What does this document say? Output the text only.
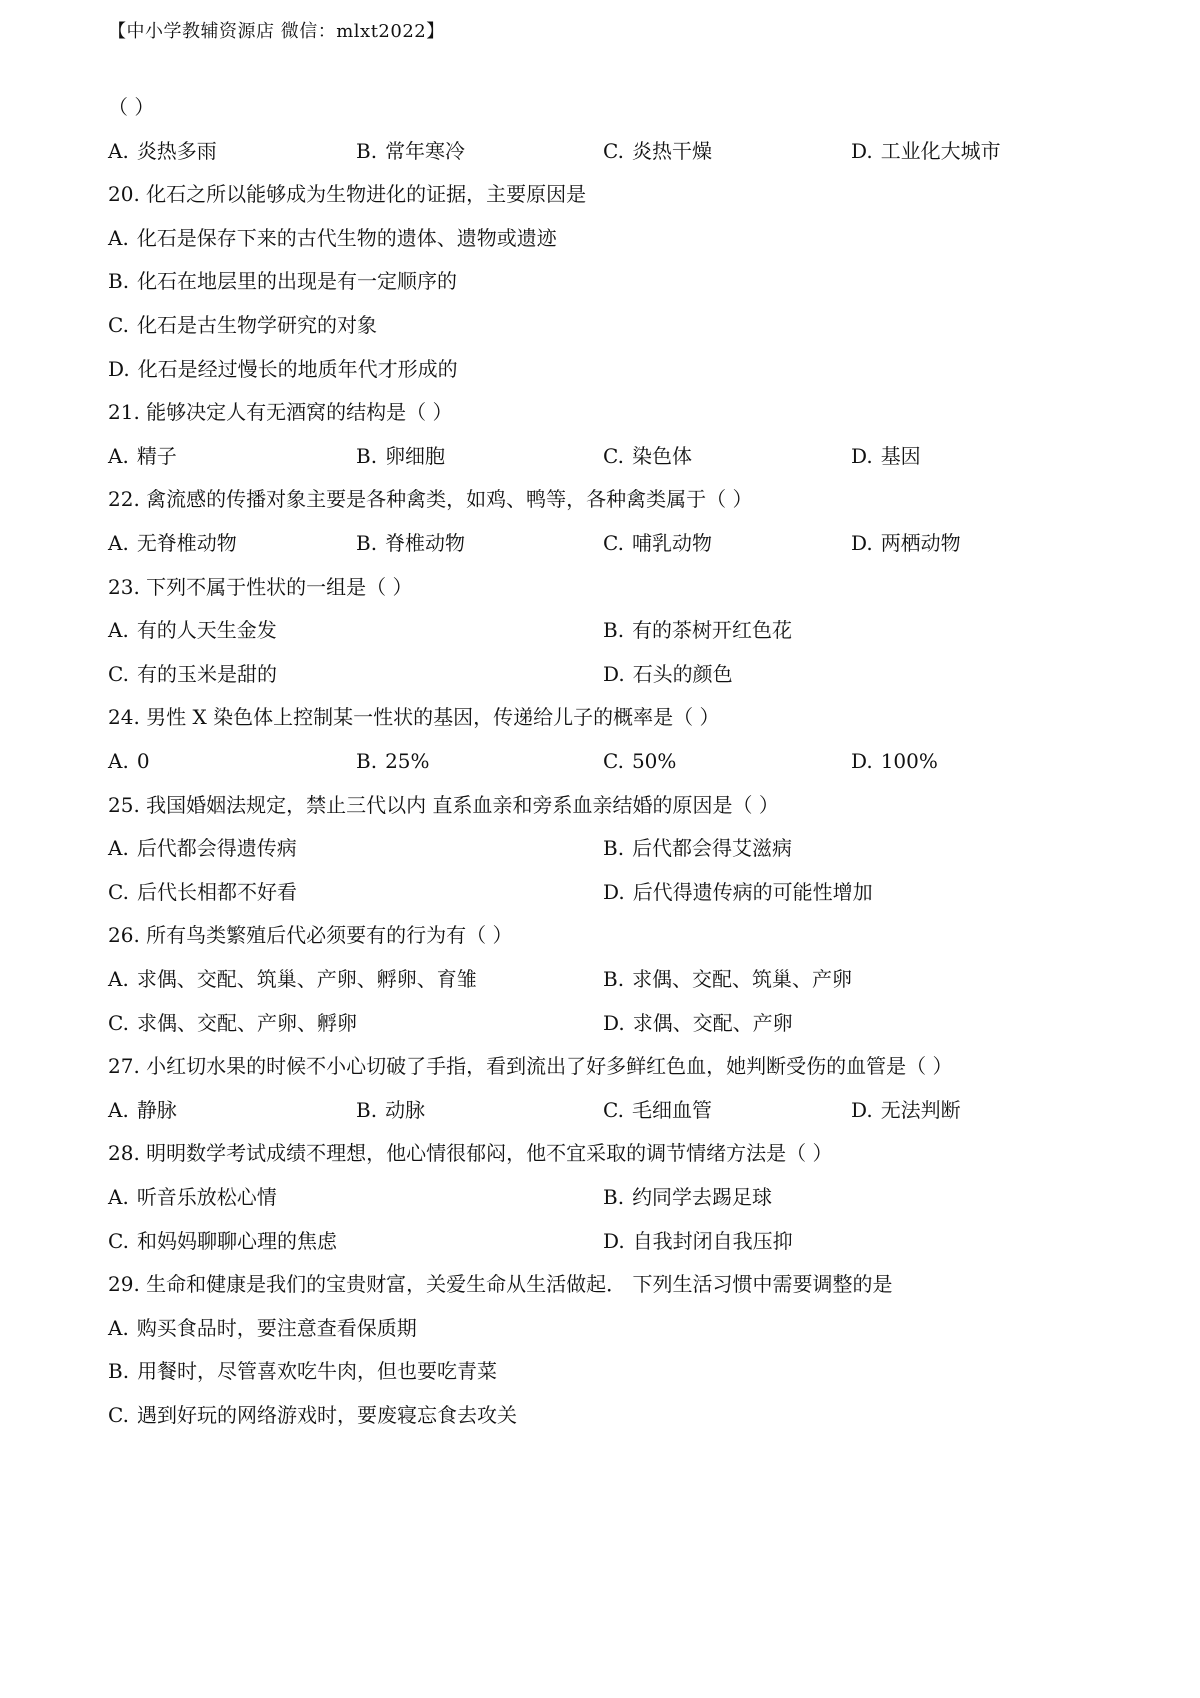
【中小学教辅资源店 微信：mlxt2022】
（ ）
A. 炎热多雨	B. 常年寒冷	C. 炎热干燥	D. 工业化大城市
20. 化石之所以能够成为生物进化的证据，主要原因是
A. 化石是保存下来的古代生物的遗体、遗物或遗迹
B. 化石在地层里的出现是有一定顺序的
C. 化石是古生物学研究的对象
D. 化石是经过慢长的地质年代才形成的
21. 能够决定人有无酒窝的结构是（ ）
A. 精子	B. 卵细胞	C. 染色体	D. 基因
22. 禽流感的传播对象主要是各种禽类，如鸡、鸭等，各种禽类属于（ ）
A. 无脊椎动物	B. 脊椎动物	C. 哺乳动物	D. 两栖动物
23. 下列不属于性状的一组是（ ）
A. 有的人天生金发	B. 有的茶树开红色花
C. 有的玉米是甜的	D. 石头的颜色
24. 男性 X 染色体上控制某一性状的基因，传递给儿子的概率是（ ）
A. 0	B. 25%	C. 50%	D. 100%
25. 我国婚姻法规定，禁止三代以内 直系血亲和旁系血亲结婚的原因是（ ）
A. 后代都会得遗传病	B. 后代都会得艾滋病
C. 后代长相都不好看	D. 后代得遗传病的可能性增加
26. 所有鸟类繁殖后代必须要有的行为有（ ）
A. 求偶、交配、筑巢、产卵、孵卵、育雏	B. 求偶、交配、筑巢、产卵
C. 求偶、交配、产卵、孵卵	D. 求偶、交配、产卵
27. 小红切水果的时候不小心切破了手指，看到流出了好多鲜红色血，她判断受伤的血管是（ ）
A. 静脉	B. 动脉	C. 毛细血管	D. 无法判断
28. 明明数学考试成绩不理想，他心情很郁闷，他不宜采取的调节情绪方法是（ ）
A. 听音乐放松心情	B. 约同学去踢足球
C. 和妈妈聊聊心理的焦虑	D. 自我封闭自我压抑
29. 生命和健康是我们的宝贵财富，关爱生命从生活做起． 下列生活习惯中需要调整的是
A. 购买食品时，要注意查看保质期
B. 用餐时，尽管喜欢吃牛肉，但也要吃青菜
C. 遇到好玩的网络游戏时，要废寝忘食去攻关
